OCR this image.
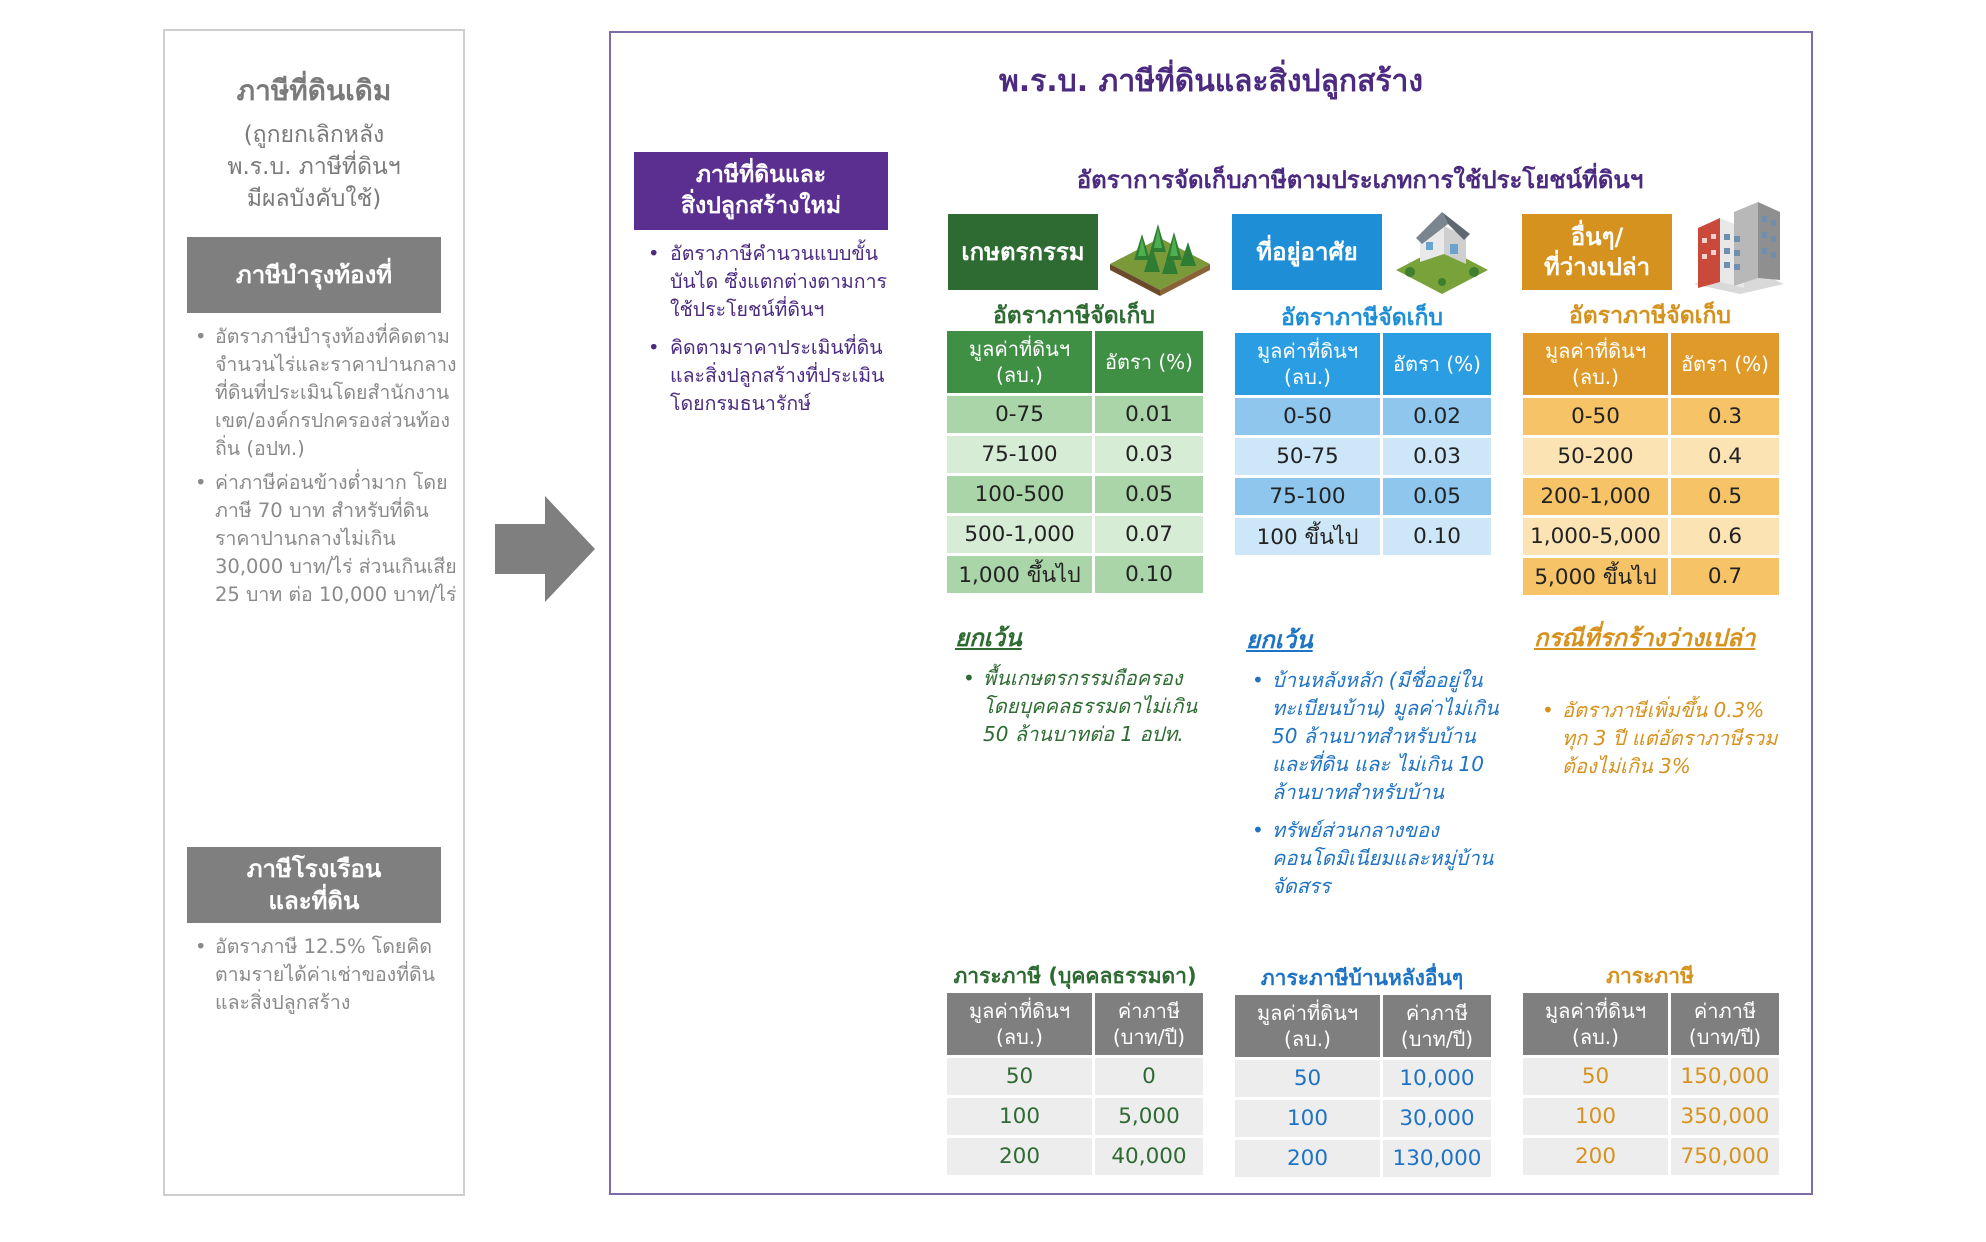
ภาษีที่ดินเดิม
(ถูกยกเลิกหลัง
พ.ร.บ. ภาษีที่ดินฯ
มีผลบังคับใช้)
ภาษีบำรุงท้องที่
• อัตราภาษีบำรุงท้องที่คิดตามจำนวนไร่และราคาปานกลางที่ดินที่ประเมินโดยสำนักงานเขต/องค์กรปกครองส่วนท้องถิ่น (อปท.)
• ค่าภาษีค่อนข้างต่ำมาก โดยภาษี 70 บาท สำหรับที่ดินราคาปานกลางไม่เกิน 30,000 บาท/ไร่ ส่วนเกินเสีย 25 บาท ต่อ 10,000 บาท/ไร่
ภาษีโรงเรือน
และที่ดิน
• อัตราภาษี 12.5% โดยคิดตามรายได้ค่าเช่าของที่ดินและสิ่งปลูกสร้าง
พ.ร.บ. ภาษีที่ดินและสิ่งปลูกสร้าง
ภาษีที่ดินและ
สิ่งปลูกสร้างใหม่
• อัตราภาษีคำนวนแบบขั้นบันได ซึ่งแตกต่างตามการใช้ประโยชน์ที่ดินฯ
• คิดตามราคาประเมินที่ดินและสิ่งปลูกสร้างที่ประเมินโดยกรมธนารักษ์
อัตราการจัดเก็บภาษีตามประเภทการใช้ประโยชน์ที่ดินฯ
เกษตรกรรม
อัตราภาษีจัดเก็บ
มูลค่าที่ดินฯ (ลบ.)	อัตรา (%)
0-75	0.01
75-100	0.03
100-500	0.05
500-1,000	0.07
1,000 ขึ้นไป	0.10
ยกเว้น
• พื้นเกษตรกรรมถือครองโดยบุคคลธรรมดาไม่เกิน 50 ล้านบาทต่อ 1 อปท.
ภาระภาษี (บุคคลธรรมดา)
มูลค่าที่ดินฯ (ลบ.)	ค่าภาษี (บาท/ปี)
50	0
100	5,000
200	40,000
ที่อยู่อาศัย
อัตราภาษีจัดเก็บ
มูลค่าที่ดินฯ (ลบ.)	อัตรา (%)
0-50	0.02
50-75	0.03
75-100	0.05
100 ขึ้นไป	0.10
ยกเว้น
• บ้านหลังหลัก (มีชื่ออยู่ในทะเบียนบ้าน) มูลค่าไม่เกิน 50 ล้านบาทสำหรับบ้านและที่ดิน และ ไม่เกิน 10 ล้านบาทสำหรับบ้าน
• ทรัพย์ส่วนกลางของคอนโดมิเนียมและหมู่บ้านจัดสรร
ภาระภาษีบ้านหลังอื่นๆ
มูลค่าที่ดินฯ (ลบ.)	ค่าภาษี (บาท/ปี)
50	10,000
100	30,000
200	130,000
อื่นๆ/
ที่ว่างเปล่า
อัตราภาษีจัดเก็บ
มูลค่าที่ดินฯ (ลบ.)	อัตรา (%)
0-50	0.3
50-200	0.4
200-1,000	0.5
1,000-5,000	0.6
5,000 ขึ้นไป	0.7
กรณีที่รกร้างว่างเปล่า
• อัตราภาษีเพิ่มขึ้น 0.3% ทุก 3 ปี แต่อัตราภาษีรวมต้องไม่เกิน 3%
ภาระภาษี
มูลค่าที่ดินฯ (ลบ.)	ค่าภาษี (บาท/ปี)
50	150,000
100	350,000
200	750,000
